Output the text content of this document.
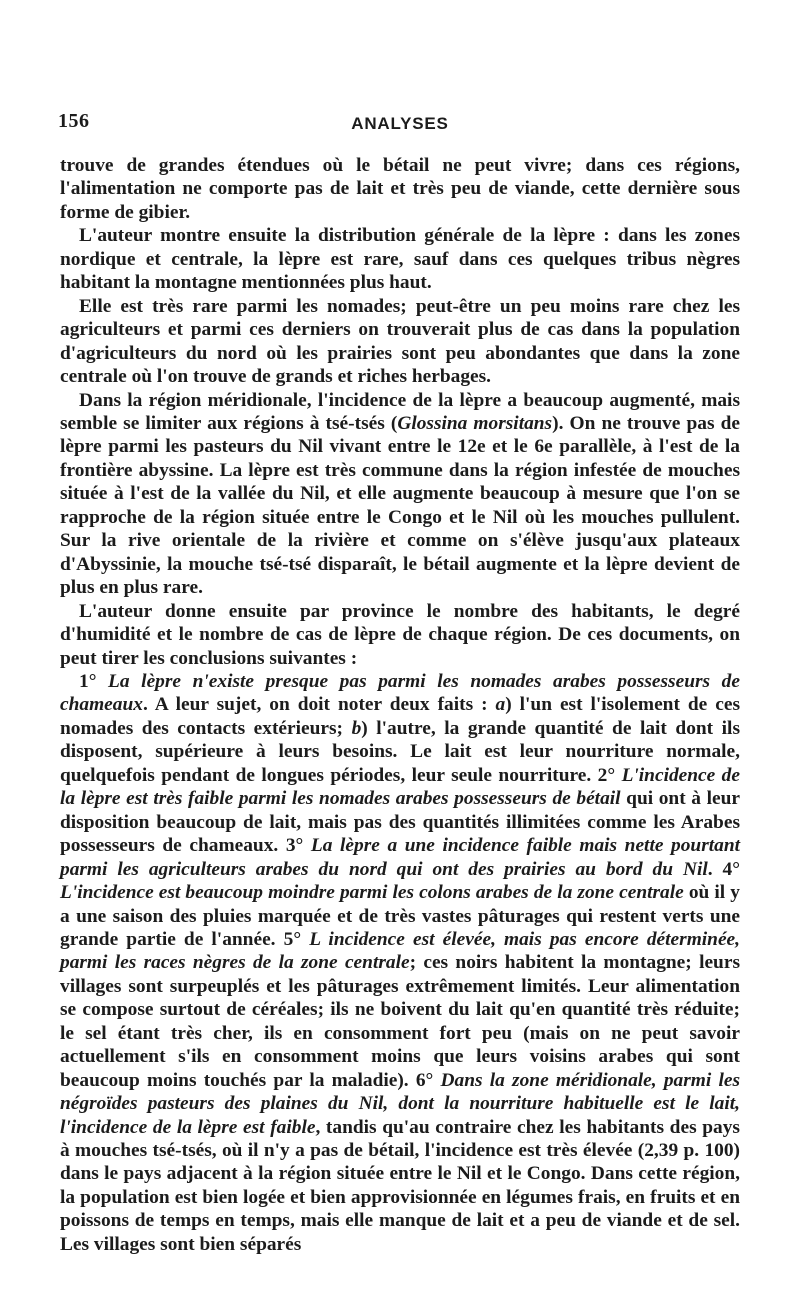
156	ANALYSES

trouve de grandes étendues où le bétail ne peut vivre; dans ces régions, l'alimentation ne comporte pas de lait et très peu de viande, cette dernière sous forme de gibier.

L'auteur montre ensuite la distribution générale de la lèpre : dans les zones nordique et centrale, la lèpre est rare, sauf dans ces quelques tribus nègres habitant la montagne mentionnées plus haut.

Elle est très rare parmi les nomades; peut-être un peu moins rare chez les agriculteurs et parmi ces derniers on trouverait plus de cas dans la population d'agriculteurs du nord où les prairies sont peu abondantes que dans la zone centrale où l'on trouve de grands et riches herbages.

Dans la région méridionale, l'incidence de la lèpre a beaucoup augmenté, mais semble se limiter aux régions à tsé-tsés (Glossina morsitans). On ne trouve pas de lèpre parmi les pasteurs du Nil vivant entre le 12e et le 6e parallèle, à l'est de la frontière abyssine. La lèpre est très commune dans la région infestée de mouches située à l'est de la vallée du Nil, et elle augmente beaucoup à mesure que l'on se rapproche de la région située entre le Congo et le Nil où les mouches pullulent. Sur la rive orientale de la rivière et comme on s'élève jusqu'aux plateaux d'Abyssinie, la mouche tsé-tsé disparaît, le bétail augmente et la lèpre devient de plus en plus rare.

L'auteur donne ensuite par province le nombre des habitants, le degré d'humidité et le nombre de cas de lèpre de chaque région. De ces documents, on peut tirer les conclusions suivantes :

1° La lèpre n'existe presque pas parmi les nomades arabes possesseurs de chameaux. A leur sujet, on doit noter deux faits : a) l'un est l'isolement de ces nomades des contacts extérieurs; b) l'autre, la grande quantité de lait dont ils disposent, supérieure à leurs besoins. Le lait est leur nourriture normale, quelquefois pendant de longues périodes, leur seule nourriture. 2° L'incidence de la lèpre est très faible parmi les nomades arabes possesseurs de bétail qui ont à leur disposition beaucoup de lait, mais pas des quantités illimitées comme les Arabes possesseurs de chameaux. 3° La lèpre a une incidence faible mais nette pourtant parmi les agriculteurs arabes du nord qui ont des prairies au bord du Nil. 4° L'incidence est beaucoup moindre parmi les colons arabes de la zone centrale où il y a une saison des pluies marquée et de très vastes pâturages qui restent verts une grande partie de l'année. 5° L incidence est élevée, mais pas encore déterminée, parmi les races nègres de la zone centrale; ces noirs habitent la montagne; leurs villages sont surpeuplés et les pâturages extrêmement limités. Leur alimentation se compose surtout de céréales; ils ne boivent du lait qu'en quantité très réduite; le sel étant très cher, ils en consomment fort peu (mais on ne peut savoir actuellement s'ils en consomment moins que leurs voisins arabes qui sont beaucoup moins touchés par la maladie). 6° Dans la zone méridionale, parmi les négroïdes pasteurs des plaines du Nil, dont la nourriture habituelle est le lait, l'incidence de la lèpre est faible, tandis qu'au contraire chez les habitants des pays à mouches tsé-tsés, où il n'y a pas de bétail, l'incidence est très élevée (2,39 p. 100) dans le pays adjacent à la région située entre le Nil et le Congo. Dans cette région, la population est bien logée et bien approvisionnée en légumes frais, en fruits et en poissons de temps en temps, mais elle manque de lait et a peu de viande et de sel. Les villages sont bien séparés
